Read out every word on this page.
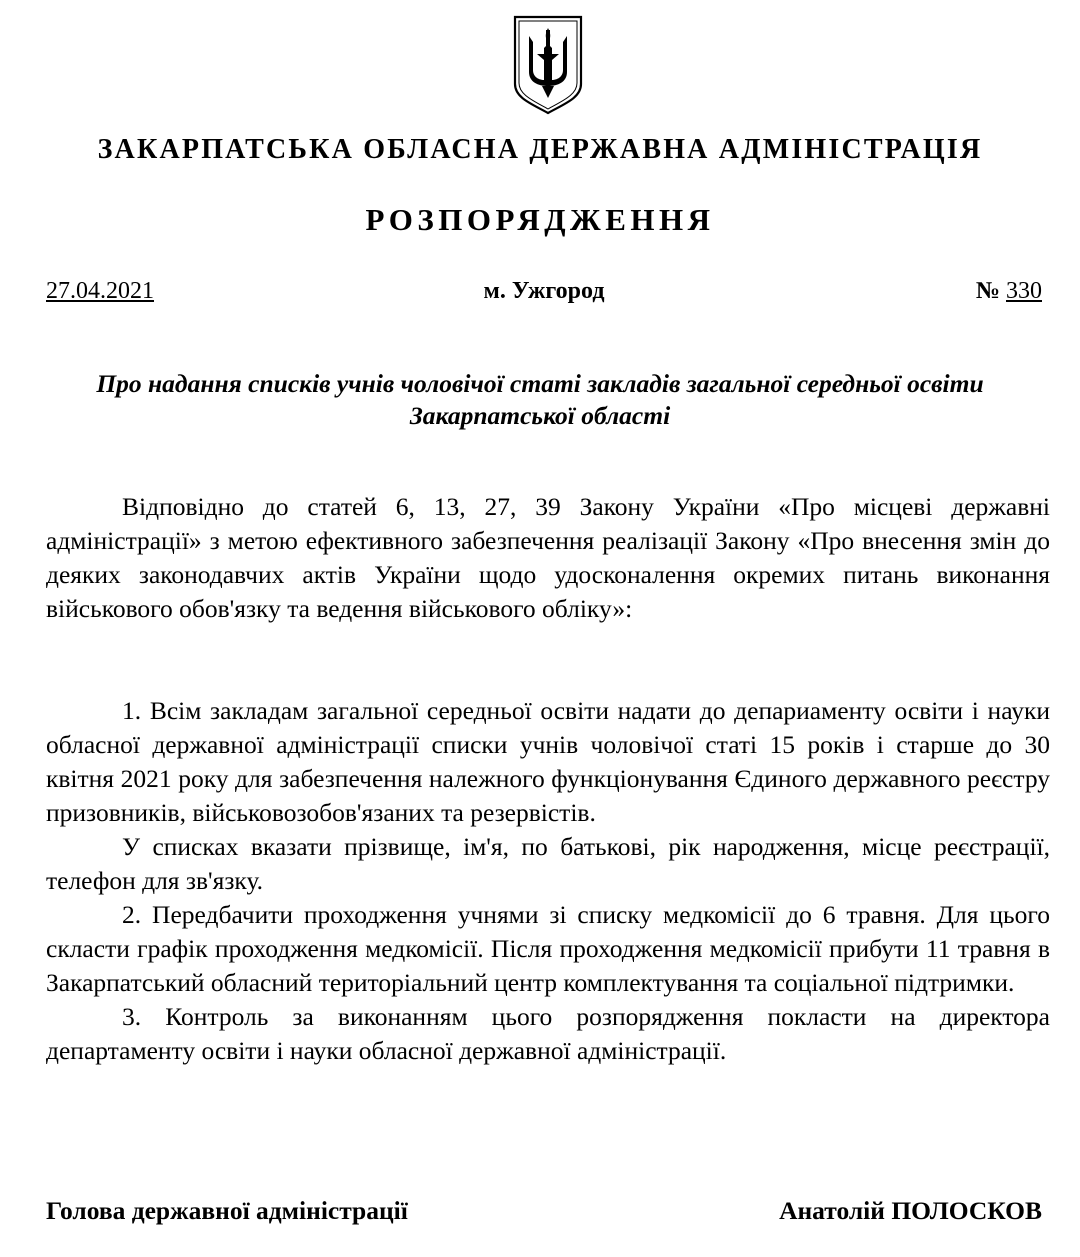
ЗАКАРПАТСЬКА ОБЛАСНА ДЕРЖАВНА АДМІНІСТРАЦІЯ
РОЗПОРЯДЖЕННЯ
27.04.2021	м. Ужгород	№ 330
Про надання списків учнів чоловічої статі закладів загальної середньої освіти Закарпатської області

Відповідно до статей 6, 13, 27, 39 Закону України «Про місцеві державні адміністрації» з метою ефективного забезпечення реалізації Закону «Про внесення змін до деяких законодавчих актів України щодо удосконалення окремих питань виконання військового обов'язку та ведення військового обліку»:

1. Всім закладам загальної середньої освіти надати до депариаменту освіти і науки обласної державної адміністрації списки учнів чоловічої статі 15 років і старше до 30 квітня 2021 року для забезпечення належного функціонування Єдиного державного реєстру призовників, військовозобов'язаних та резервістів.

У списках вказати прізвище, ім'я, по батькові, рік народження, місце реєстрації, телефон для зв'язку.

2. Передбачити проходження учнями зі списку медкомісії до 6 травня. Для цього скласти графік проходження медкомісії. Після проходження медкомісії прибути 11 травня в Закарпатський обласний територіальний центр комплектування та соціальної підтримки.

3. Контроль за виконанням цього розпорядження покласти на директора департаменту освіти і науки обласної державної адміністрації.

Голова державної адміністрації	Анатолій ПОЛОСКОВ
